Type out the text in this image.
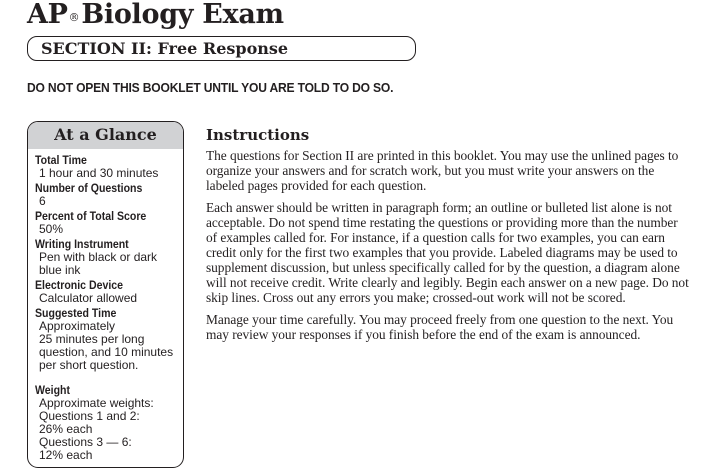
AP®Biology Exam
SECTION II: Free Response
DO NOT OPEN THIS BOOKLET UNTIL YOU ARE TOLD TO DO SO.
At a Glance
Total Time
1 hour and 30 minutes
Number of Questions
6
Percent of Total Score
50%
Writing Instrument
Pen with black or dark
blue ink
Electronic Device
Calculator allowed
Suggested Time
Approximately
25 minutes per long
question, and 10 minutes
per short question.
Weight
Approximate weights:
Questions 1 and 2:
26% each
Questions 3 — 6:
12% each
Instructions

The questions for Section II are printed in this booklet. You may use the unlined pages to
organize your answers and for scratch work, but you must write your answers on the
labeled pages provided for each question.

Each answer should be written in paragraph form; an outline or bulleted list alone is not
acceptable. Do not spend time restating the questions or providing more than the number
of examples called for. For instance, if a question calls for two examples, you can earn
credit only for the first two examples that you provide. Labeled diagrams may be used to
supplement discussion, but unless specifically called for by the question, a diagram alone
will not receive credit. Write clearly and legibly. Begin each answer on a new page. Do not
skip lines. Cross out any errors you make; crossed-out work will not be scored.

Manage your time carefully. You may proceed freely from one question to the next. You
may review your responses if you finish before the end of the exam is announced.
